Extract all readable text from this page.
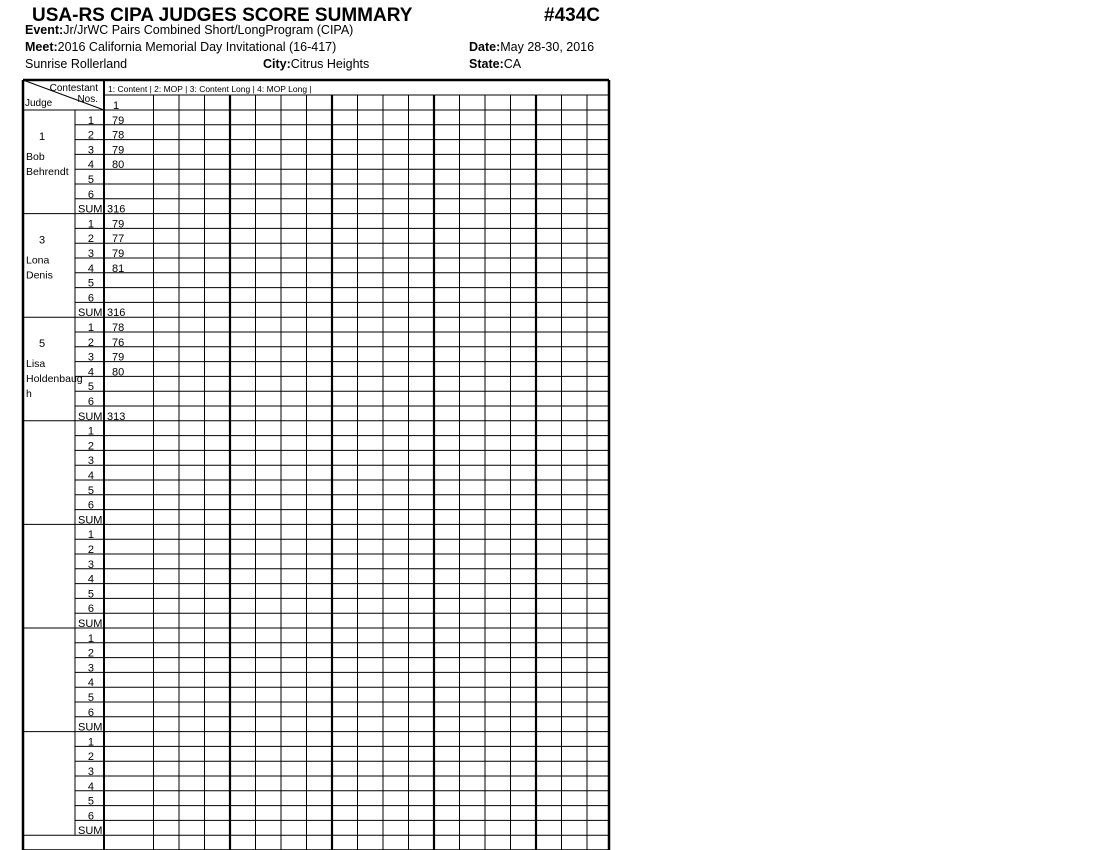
USA-RS CIPA JUDGES SCORE SUMMARY	#434C
Event:Jr/JrWC Pairs Combined Short/LongProgram (CIPA)
Meet:2016 California Memorial Day Invitational (16-417)	Date:May 28-30, 2016
Sunrise Rollerland	City:Citrus Heights	State:CA
Contestant
Nos.
Judge
1: Content | 2: MOP | 3: Content Long | 4: MOP Long |
1
1
Bob
Behrendt
1 79
2 78
3 79
4 80
5
6
SUM 316
3
Lona
Denis
1 79
2 77
3 79
4 81
5
6
SUM 316
5
Lisa
Holdenbaug
h
1 78
2 76
3 79
4 80
5
6
SUM 313
1
2
3
4
5
6
SUM
1
2
3
4
5
6
SUM
1
2
3
4
5
6
SUM
1
2
3
4
5
6
SUM
